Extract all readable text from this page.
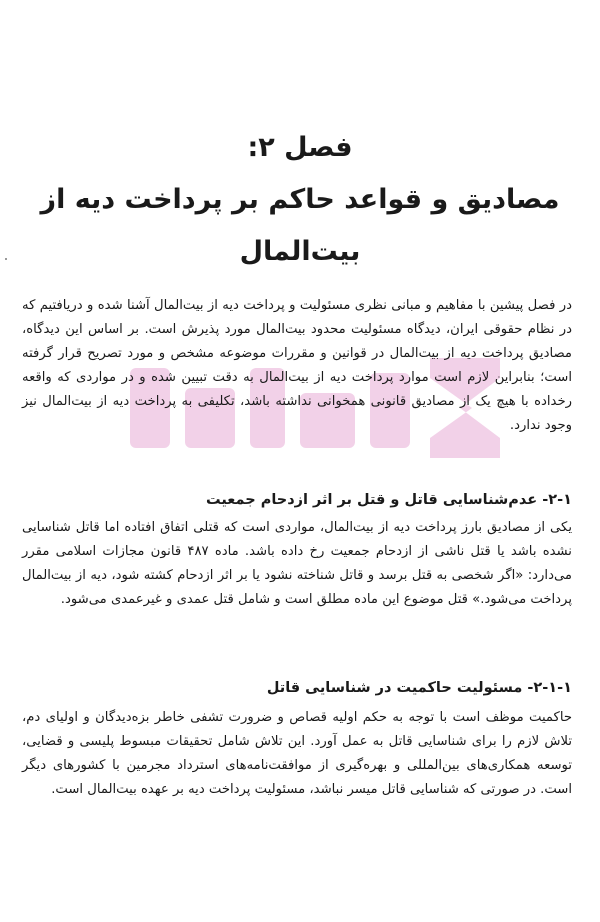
فصل ۲:
مصادیق و قواعد حاکم بر پرداخت دیه از بیت‌المال
در فصل پیشین با مفاهیم و مبانی نظری مسئولیت و پرداخت دیه از بیت‌المال آشنا شده و دریافتیم که در نظام حقوقی ایران، دیدگاه مسئولیت محدود بیت‌المال مورد پذیرش است. بر اساس این دیدگاه، مصادیق پرداخت دیه از بیت‌المال در قوانین و مقررات موضوعه مشخص و مورد تصریح قرار گرفته است؛ بنابراین لازم است موارد پرداخت دیه از بیت‌المال به دقت تبیین شده و در مواردی که واقعه رخداده با هیچ یک از مصادیق قانونی همخوانی نداشته باشد، تکلیفی به پرداخت دیه از بیت‌المال نیز وجود ندارد.
۲-۱- عدم‌شناسایی قاتل و قتل بر اثر ازدحام جمعیت
یکی از مصادیق بارز پرداخت دیه از بیت‌المال، مواردی است که قتلی اتفاق افتاده اما قاتل شناسایی نشده باشد یا قتل ناشی از ازدحام جمعیت رخ داده باشد. ماده ۴۸۷ قانون مجازات اسلامی مقرر می‌دارد: «اگر شخصی به قتل برسد و قاتل شناخته نشود یا بر اثر ازدحام کشته شود، دیه از بیت‌المال پرداخت می‌شود.» قتل موضوع این ماده مطلق است و شامل قتل عمدی و غیرعمدی می‌شود.
۲-۱-۱- مسئولیت حاکمیت در شناسایی قاتل
حاکمیت موظف است با توجه به حکم اولیه قصاص و ضرورت تشفی خاطر بزه‌دیدگان و اولیای دم، تلاش لازم را برای شناسایی قاتل به عمل آورد. این تلاش شامل تحقیقات مبسوط پلیسی و قضایی، توسعه همکاری‌های بین‌المللی و بهره‌گیری از موافقت‌نامه‌های استرداد مجرمین با کشورهای دیگر است. در صورتی که شناسایی قاتل میسر نباشد، مسئولیت پرداخت دیه بر عهده بیت‌المال است.
